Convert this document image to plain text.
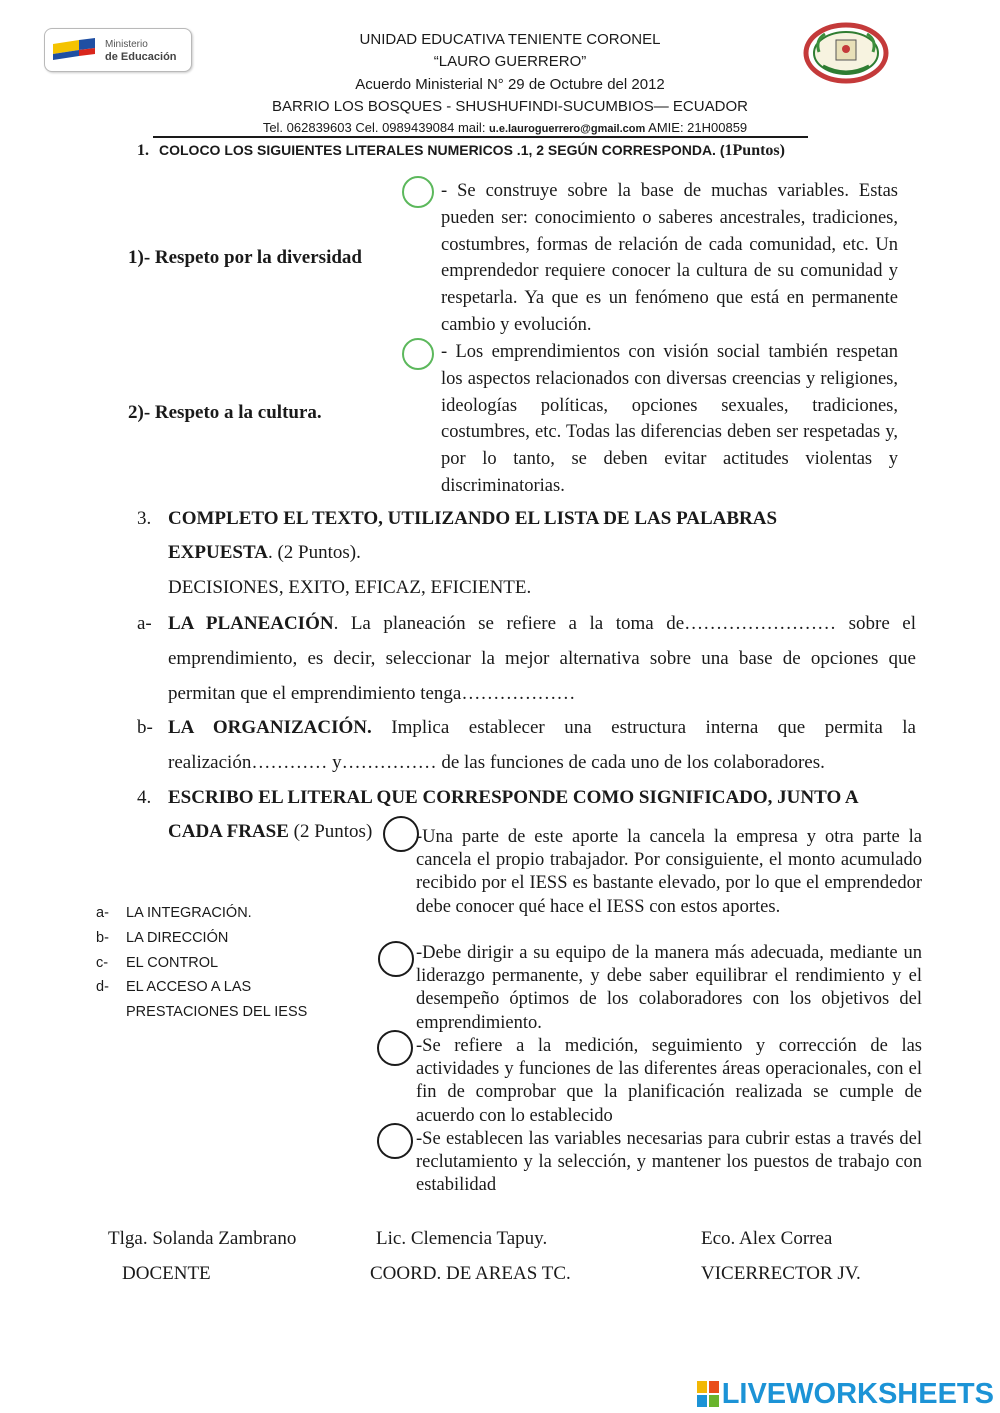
Ministerio
de Educación
UNIDAD EDUCATIVA TENIENTE CORONEL
“LAURO GUERRERO”
Acuerdo Ministerial N° 29 de Octubre del 2012
BARRIO LOS BOSQUES - SHUSHUFINDI-SUCUMBIOS— ECUADOR
Tel. 062839603 Cel. 0989439084 mail: u.e.lauroguerrero@gmail.com AMIE: 21H00859
1. COLOCO LOS SIGUIENTES LITERALES NUMERICOS .1, 2 SEGÚN CORRESPONDA. (1Puntos)
1)- Respeto por la diversidad
2)- Respeto a la cultura.
- Se construye sobre la base de muchas variables. Estas pueden ser: conocimiento o saberes ancestrales, tradiciones, costumbres, formas de relación de cada comunidad, etc. Un emprendedor requiere conocer la cultura de su comunidad y respetarla. Ya que es un fenómeno que está en permanente cambio y evolución.
- Los emprendimientos con visión social también respetan los aspectos relacionados con diversas creencias y religiones, ideologías políticas, opciones sexuales, tradiciones, costumbres, etc. Todas las diferencias deben ser respetadas y, por lo tanto, se deben evitar actitudes violentas y discriminatorias.
3. COMPLETO EL TEXTO, UTILIZANDO EL LISTA DE LAS PALABRAS
EXPUESTA. (2 Puntos).
DECISIONES, EXITO, EFICAZ, EFICIENTE.
a- LA PLANEACIÓN. La planeación se refiere a la toma de…………………… sobre el
emprendimiento, es decir, seleccionar la mejor alternativa sobre una base de opciones que
permitan que el emprendimiento tenga………………
b- LA ORGANIZACIÓN. Implica establecer una estructura interna que permita la
realización………… y…………… de las funciones de cada uno de los colaboradores.
4. ESCRIBO EL LITERAL QUE CORRESPONDE COMO SIGNIFICADO, JUNTO A
CADA FRASE (2 Puntos)
a- LA INTEGRACIÓN.
b- LA DIRECCIÓN
c- EL CONTROL
d- EL ACCESO A LAS PRESTACIONES DEL IESS
-Una parte de este aporte la cancela la empresa y otra parte la cancela el propio trabajador. Por consiguiente, el monto acumulado recibido por el IESS es bastante elevado, por lo que el emprendedor debe conocer qué hace el IESS con estos aportes.
-Debe dirigir a su equipo de la manera más adecuada, mediante un liderazgo permanente, y debe saber equilibrar el rendimiento y el desempeño óptimos de los colaboradores con los objetivos del emprendimiento.
-Se refiere a la medición, seguimiento y corrección de las actividades y funciones de las diferentes áreas operacionales, con el fin de comprobar que la planificación realizada se cumple de acuerdo con lo establecido
-Se establecen las variables necesarias para cubrir estas a través del reclutamiento y la selección, y mantener los puestos de trabajo con estabilidad
Tlga. Solanda Zambrano
DOCENTE
Lic. Clemencia Tapuy.
COORD. DE AREAS TC.
Eco. Alex Correa
VICERRECTOR JV.
LIVEWORKSHEETS
